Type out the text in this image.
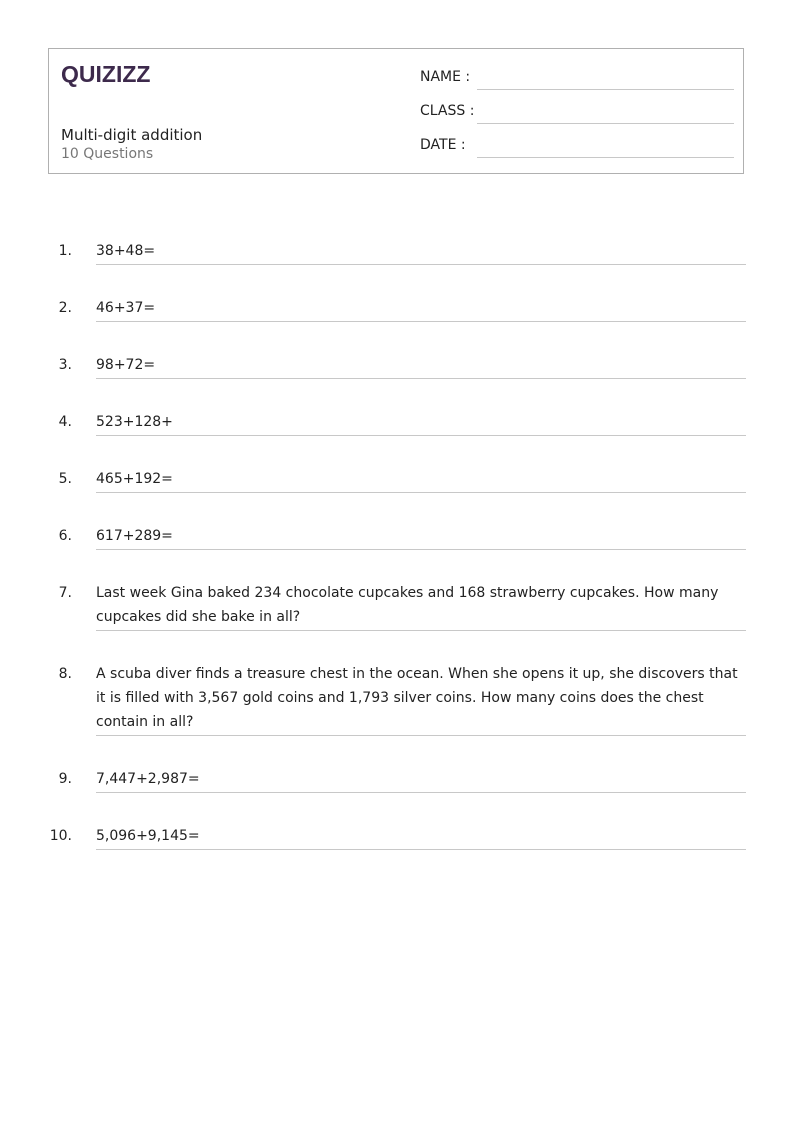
QUIZIZZ
Multi-digit addition
10 Questions
NAME :
CLASS :
DATE :
1. 38+48=
2. 46+37=
3. 98+72=
4. 523+128+
5. 465+192=
6. 617+289=
7. Last week Gina baked 234 chocolate cupcakes and 168 strawberry cupcakes. How many cupcakes did she bake in all?
8. A scuba diver finds a treasure chest in the ocean. When she opens it up, she discovers that it is filled with 3,567 gold coins and 1,793 silver coins. How many coins does the chest contain in all?
9. 7,447+2,987=
10. 5,096+9,145=
